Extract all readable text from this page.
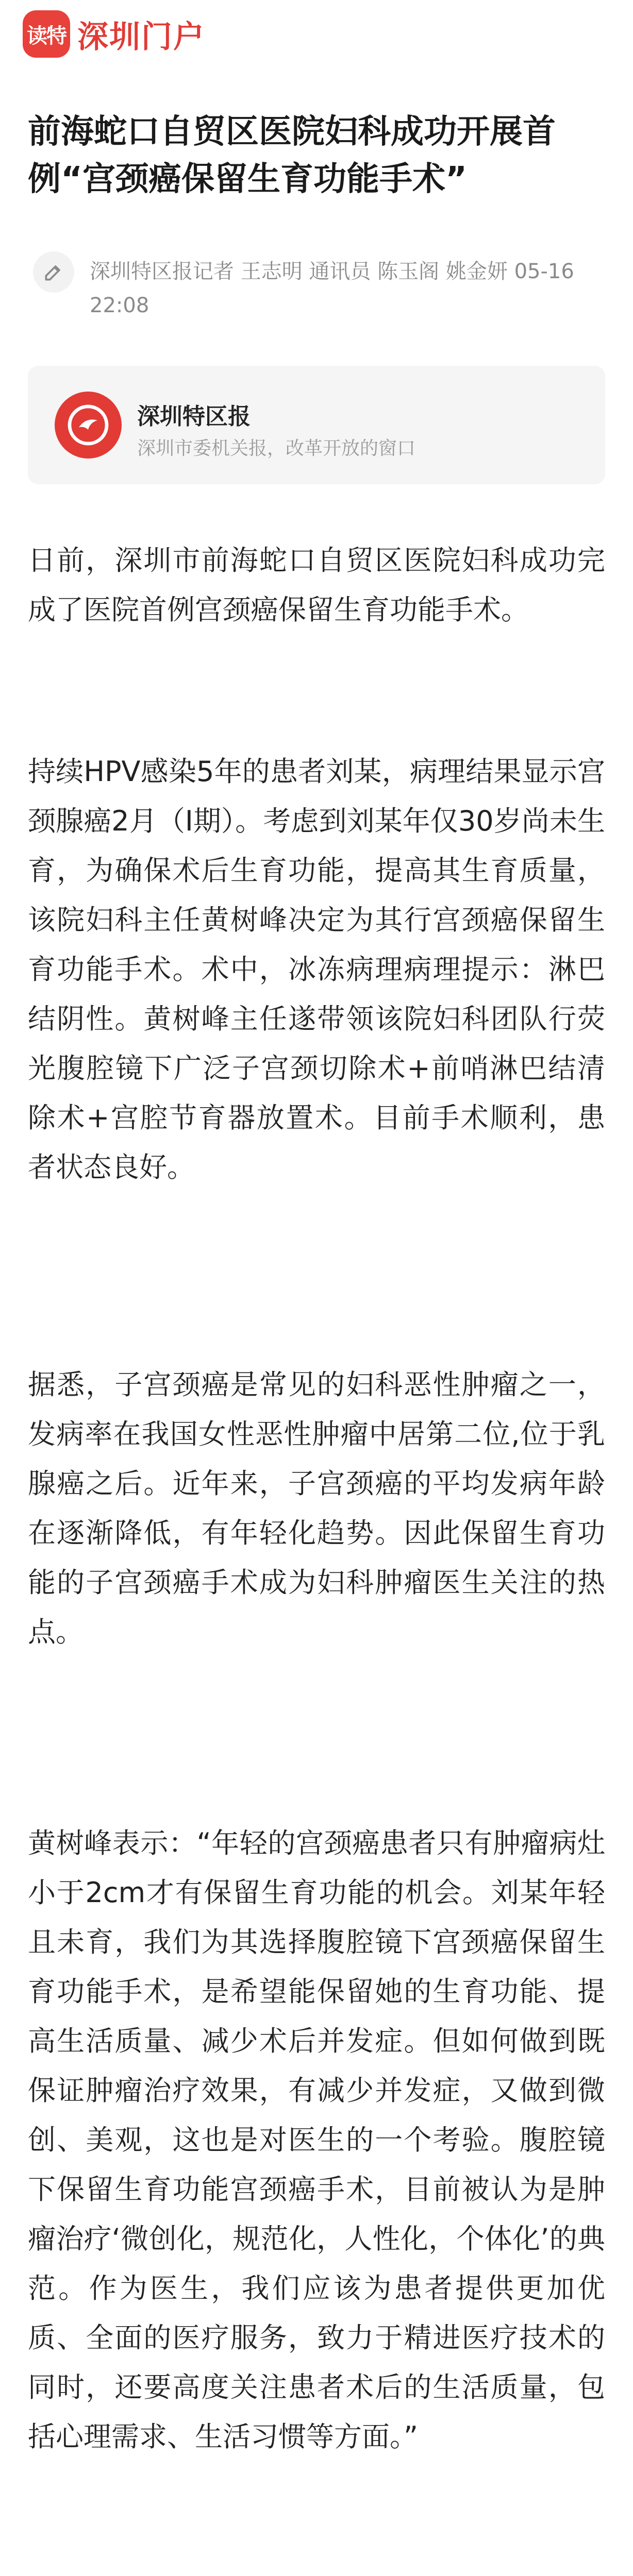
读特 深圳门户
前海蛇口自贸区医院妇科成功开展首例“宫颈癌保留生育功能手术”
深圳特区报记者 王志明 通讯员 陈玉阁 姚金妍 05-16 22:08
深圳特区报
深圳市委机关报，改革开放的窗口

日前，深圳市前海蛇口自贸区医院妇科成功完成了医院首例宫颈癌保留生育功能手术。

持续HPV感染5年的患者刘某，病理结果显示宫颈腺癌2月（Ⅰ期）。考虑到刘某年仅30岁尚未生育，为确保术后生育功能，提高其生育质量，该院妇科主任黄树峰决定为其行宫颈癌保留生育功能手术。术中，冰冻病理病理提示：淋巴结阴性。黄树峰主任遂带领该院妇科团队行荧光腹腔镜下广泛子宫颈切除术+前哨淋巴结清除术+宫腔节育器放置术。目前手术顺利，患者状态良好。

据悉，子宫颈癌是常见的妇科恶性肿瘤之一，发病率在我国女性恶性肿瘤中居第二位,位于乳腺癌之后。近年来，子宫颈癌的平均发病年龄在逐渐降低，有年轻化趋势。因此保留生育功能的子宫颈癌手术成为妇科肿瘤医生关注的热点。

黄树峰表示：“年轻的宫颈癌患者只有肿瘤病灶小于2cm才有保留生育功能的机会。刘某年轻且未育，我们为其选择腹腔镜下宫颈癌保留生育功能手术，是希望能保留她的生育功能、提高生活质量、减少术后并发症。但如何做到既保证肿瘤治疗效果，有减少并发症，又做到微创、美观，这也是对医生的一个考验。腹腔镜下保留生育功能宫颈癌手术，目前被认为是肿瘤治疗‘微创化，规范化，人性化，个体化’的典范。作为医生，我们应该为患者提供更加优质、全面的医疗服务，致力于精进医疗技术的同时，还要高度关注患者术后的生活质量，包括心理需求、生活习惯等方面。”
